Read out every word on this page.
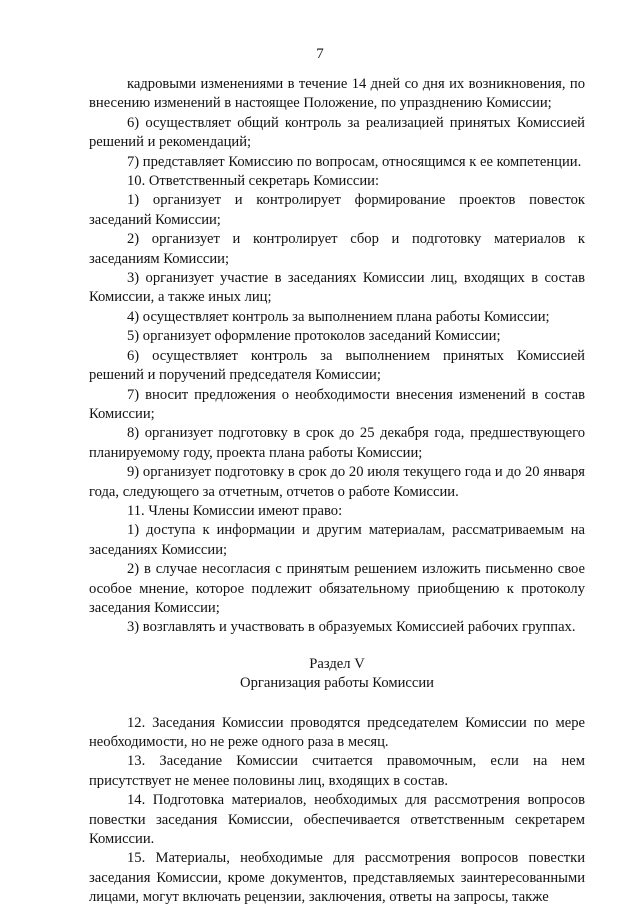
7

кадровыми изменениями в течение 14 дней со дня их возникновения, по внесению изменений в настоящее Положение, по упразднению Комиссии;

6) осуществляет общий контроль за реализацией принятых Комиссией решений и рекомендаций;

7) представляет Комиссию по вопросам, относящимся к ее компетенции.

10. Ответственный секретарь Комиссии:

1) организует и контролирует формирование проектов повесток заседаний Комиссии;

2) организует и контролирует сбор и подготовку материалов к заседаниям Комиссии;

3) организует участие в заседаниях Комиссии лиц, входящих в состав Комиссии, а также иных лиц;

4) осуществляет контроль за выполнением плана работы Комиссии;

5) организует оформление протоколов заседаний Комиссии;

6) осуществляет контроль за выполнением принятых Комиссией решений и поручений председателя Комиссии;

7) вносит предложения о необходимости внесения изменений в состав Комиссии;

8) организует подготовку в срок до 25 декабря года, предшествующего планируемому году, проекта плана работы Комиссии;

9) организует подготовку в срок до 20 июля текущего года и до 20 января года, следующего за отчетным, отчетов о работе Комиссии.

11. Члены Комиссии имеют право:

1) доступа к информации и другим материалам, рассматриваемым на заседаниях Комиссии;

2) в случае несогласия с принятым решением изложить письменно свое особое мнение, которое подлежит обязательному приобщению к протоколу заседания Комиссии;

3) возглавлять и участвовать в образуемых Комиссией рабочих группах.

Раздел V

Организация работы Комиссии

12. Заседания Комиссии проводятся председателем Комиссии по мере необходимости, но не реже одного раза в месяц.

13. Заседание Комиссии считается правомочным, если на нем присутствует не менее половины лиц, входящих в состав.

14. Подготовка материалов, необходимых для рассмотрения вопросов повестки заседания Комиссии, обеспечивается ответственным секретарем Комиссии.

15. Материалы, необходимые для рассмотрения вопросов повестки заседания Комиссии, кроме документов, представляемых заинтересованными лицами, могут включать рецензии, заключения, ответы на запросы, также
